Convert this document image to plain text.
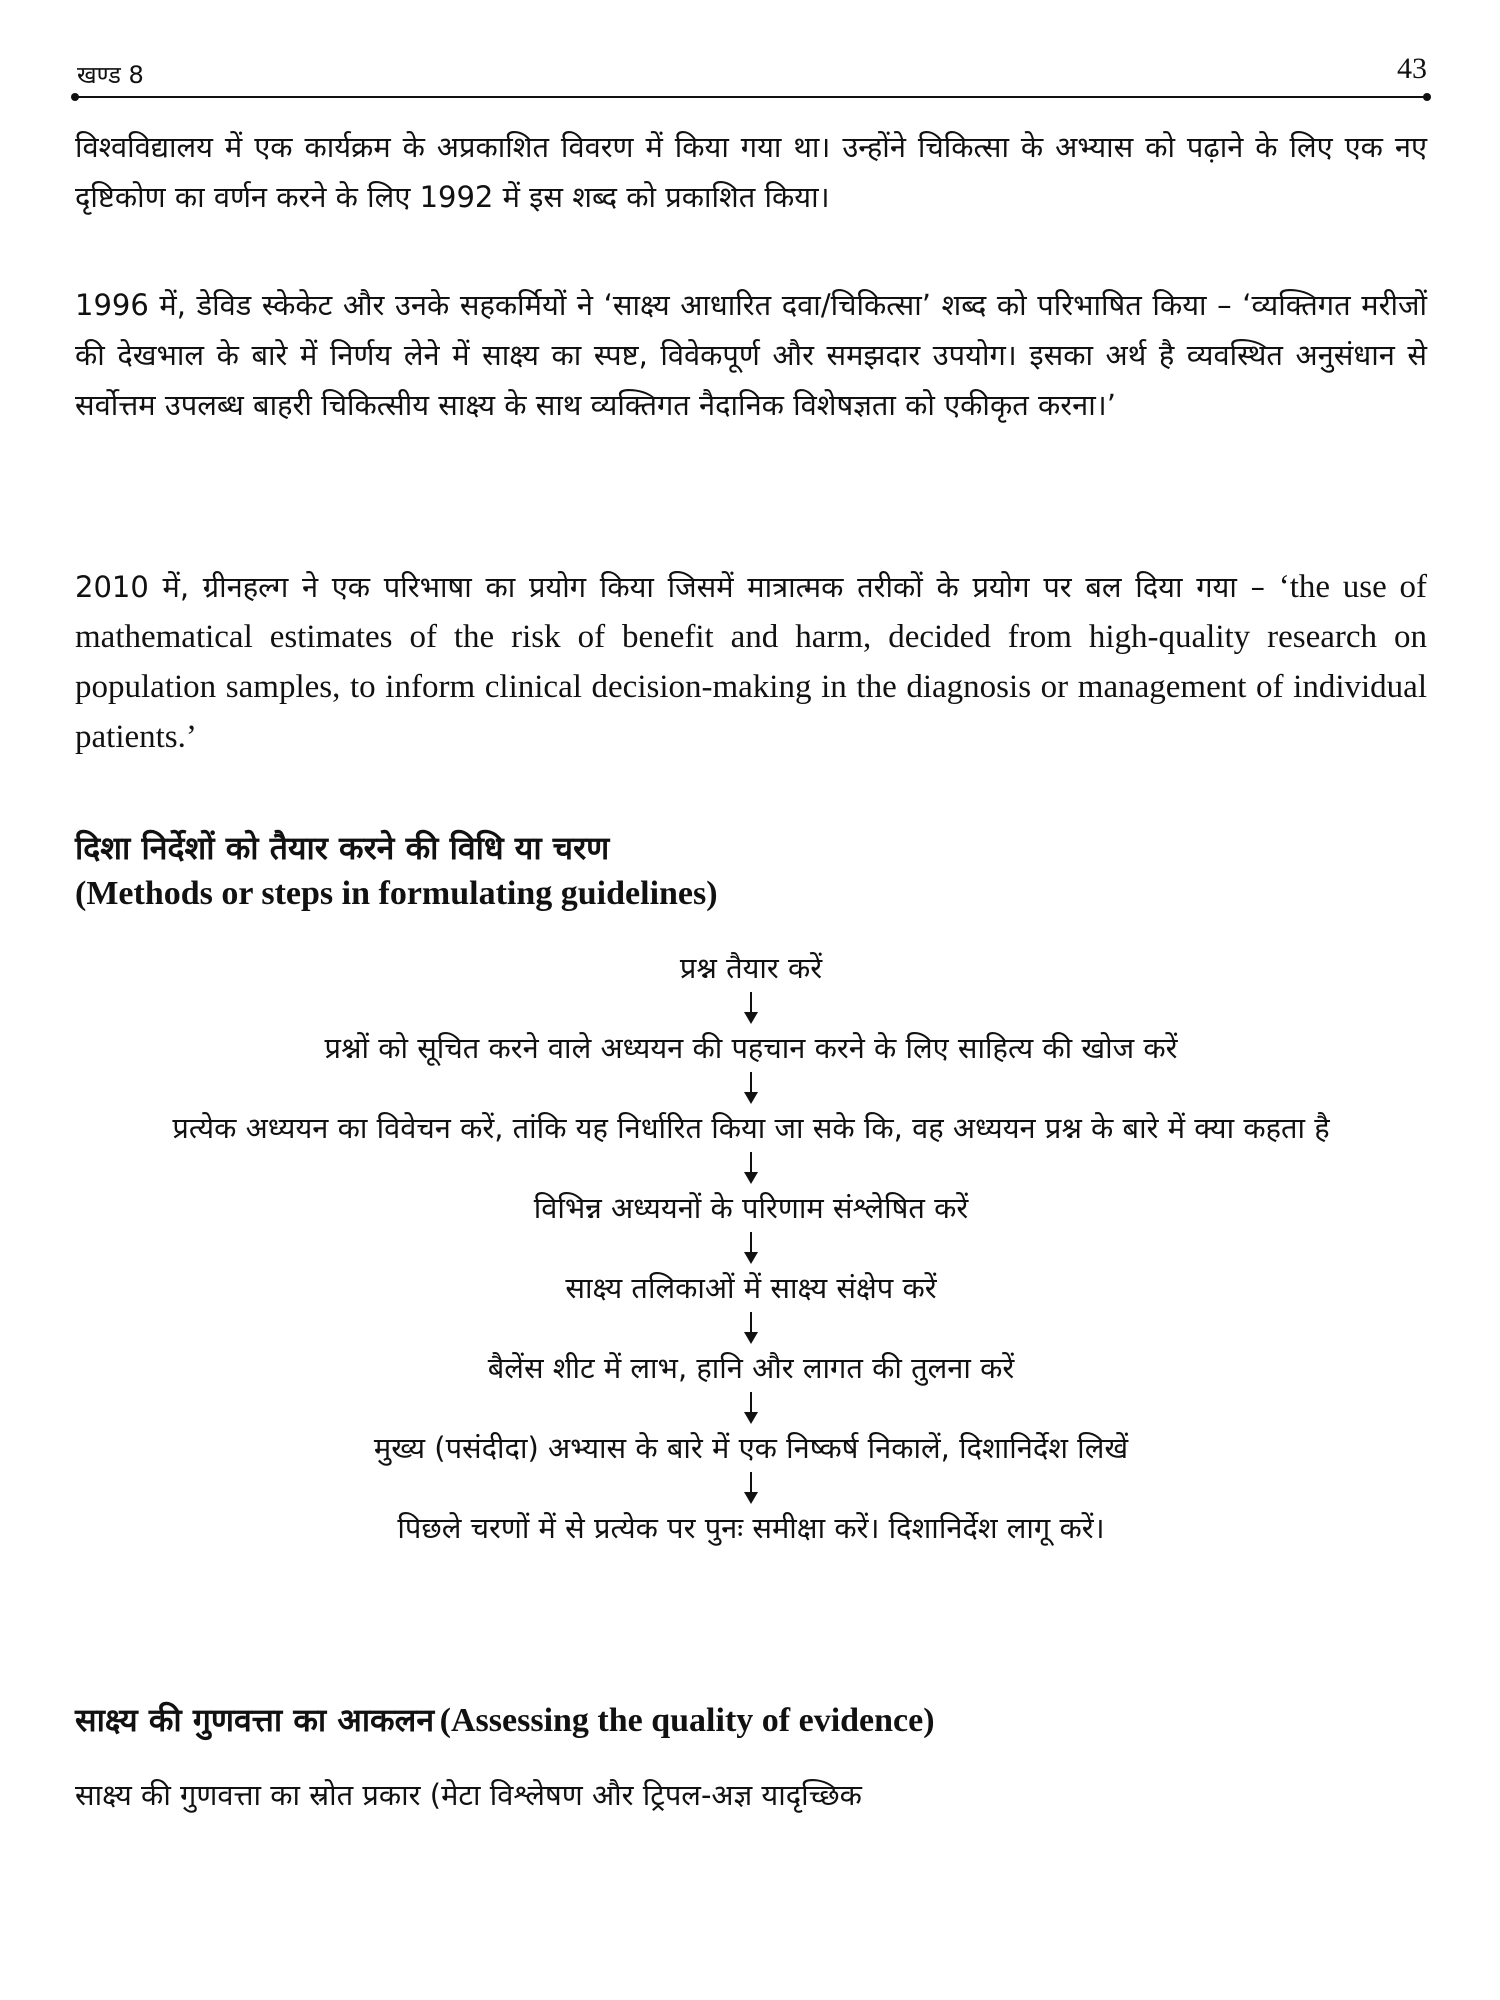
खण्ड 8	43

विश्वविद्यालय में एक कार्यक्रम के अप्रकाशित विवरण में किया गया था। उन्होंने चिकित्सा के अभ्यास को पढ़ाने के लिए एक नए दृष्टिकोण का वर्णन करने के लिए 1992 में इस शब्द को प्रकाशित किया।

1996 में, डेविड स्केकेट और उनके सहकर्मियों ने ‘साक्ष्य आधारित दवा/चिकित्सा’ शब्द को परिभाषित किया – ‘व्यक्तिगत मरीजों की देखभाल के बारे में निर्णय लेने में साक्ष्य का स्पष्ट, विवेकपूर्ण और समझदार उपयोग। इसका अर्थ है व्यवस्थित अनुसंधान से सर्वोत्तम उपलब्ध बाहरी चिकित्सीय साक्ष्य के साथ व्यक्तिगत नैदानिक विशेषज्ञता को एकीकृत करना।’

2010 में, ग्रीनहल्ग ने एक परिभाषा का प्रयोग किया जिसमें मात्रात्मक तरीकों के प्रयोग पर बल दिया गया – ‘the use of mathematical estimates of the risk of benefit and harm, decided from high-quality research on population samples, to inform clinical decision-making in the diagnosis or management of individual patients.’

दिशा निर्देशों को तैयार करने की विधि या चरण
(Methods or steps in formulating guidelines)
प्रश्न तैयार करें
प्रश्नों को सूचित करने वाले अध्ययन की पहचान करने के लिए साहित्य की खोज करें
प्रत्येक अध्ययन का विवेचन करें, तांकि यह निर्धारित किया जा सके कि, वह अध्ययन प्रश्न के बारे में क्या कहता है
विभिन्न अध्ययनों के परिणाम संश्लेषित करें
साक्ष्य तलिकाओं में साक्ष्य संक्षेप करें
बैलेंस शीट में लाभ, हानि और लागत की तुलना करें
मुख्य (पसंदीदा) अभ्यास के बारे में एक निष्कर्ष निकालें, दिशानिर्देश लिखें
पिछले चरणों में से प्रत्येक पर पुनः समीक्षा करें। दिशानिर्देश लागू करें।
साक्ष्य की गुणवत्ता का आकलन (Assessing the quality of evidence)

साक्ष्य की गुणवत्ता का स्रोत प्रकार (मेटा विश्लेषण और ट्रिपल-अज्ञ यादृच्छिक
